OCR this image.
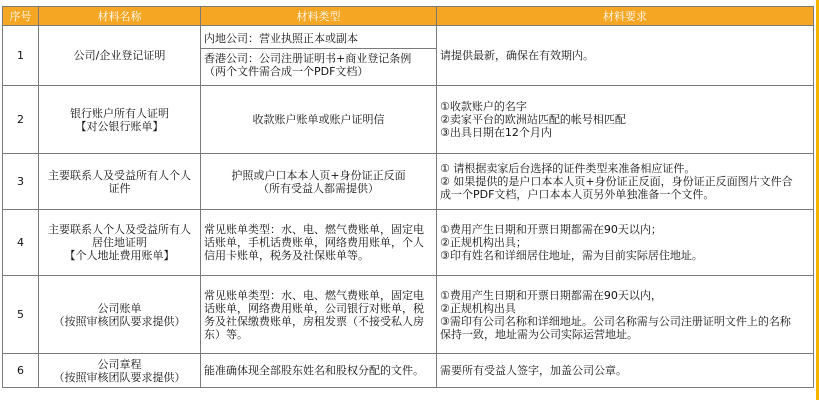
序号	材料名称	材料类型	材料要求
1	公司/企业登记证明	内地公司：营业执照正本或副本
香港公司：公司注册证明书+商业登记条例
（两个文件需合成一个PDF文档）	请提供最新，确保在有效期内。

2	银行账户所有人证明
【对公银行账单】	收款账户账单或账户证明信	①收款账户的名字
②卖家平台的欧洲站匹配的帐号相匹配
③出具日期在12个月内

3	主要联系人及受益所有人个人
证件	护照或户口本本人页+身份证正反面
（所有受益人都需提供）	① 请根据卖家后台选择的证件类型来准备相应证件。
② 如果提供的是户口本本人页+身份证正反面，身份证正反面图片文件合
成一个PDF文档，户口本本人页另外单独准备一个文件。

4	主要联系人个人及受益所有人
居住地证明
【个人地址费用账单】	常见账单类型：水、电、燃气费账单，固定电
话账单，手机话费账单，网络费用账单，个人
信用卡账单，税务及社保账单等。	①费用产生日期和开票日期都需在90天以内；
②正规机构出具；
③印有姓名和详细居住地址，需为目前实际居住地址。

5	公司账单
（按照审核团队要求提供）	常见账单类型：水、电、燃气费账单，固定电
话账单，网络费用账单，公司银行对账单，税
务及社保缴费账单，房租发票（不接受私人房
东）等。	①费用产生日期和开票日期都需在90天以内，
②正规机构出具
③需印有公司名称和详细地址。公司名称需与公司注册证明文件上的名称
保持一致，地址需为公司实际运营地址。

6	公司章程
（按照审核团队要求提供）	能准确体现全部股东姓名和股权分配的文件。	需要所有受益人签字，加盖公司公章。
